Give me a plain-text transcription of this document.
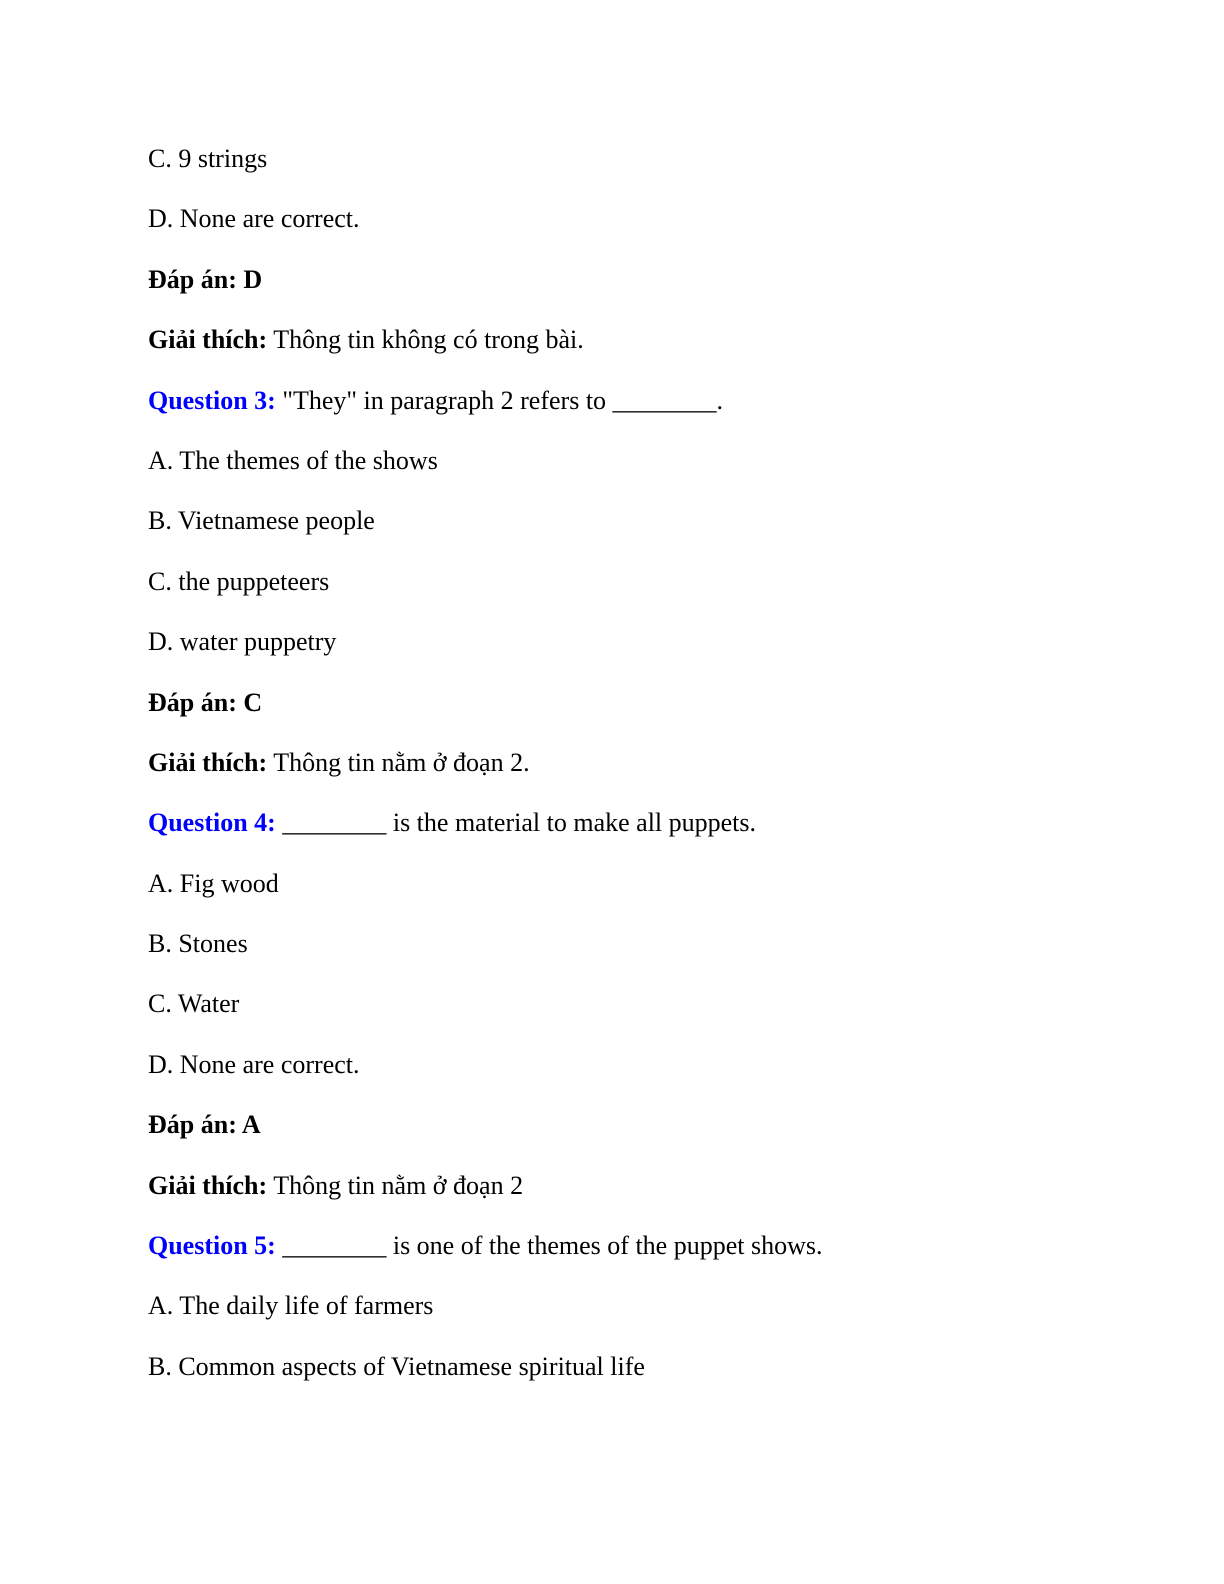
C. 9 strings
D. None are correct.
Đáp án: D
Giải thích: Thông tin không có trong bài.
Question 3: "They" in paragraph 2 refers to ________.
A. The themes of the shows
B. Vietnamese people
C. the puppeteers
D. water puppetry
Đáp án: C
Giải thích: Thông tin nằm ở đoạn 2.
Question 4: ________ is the material to make all puppets.
A. Fig wood
B. Stones
C. Water
D. None are correct.
Đáp án: A
Giải thích: Thông tin nằm ở đoạn 2
Question 5: ________ is one of the themes of the puppet shows.
A. The daily life of farmers
B. Common aspects of Vietnamese spiritual life
